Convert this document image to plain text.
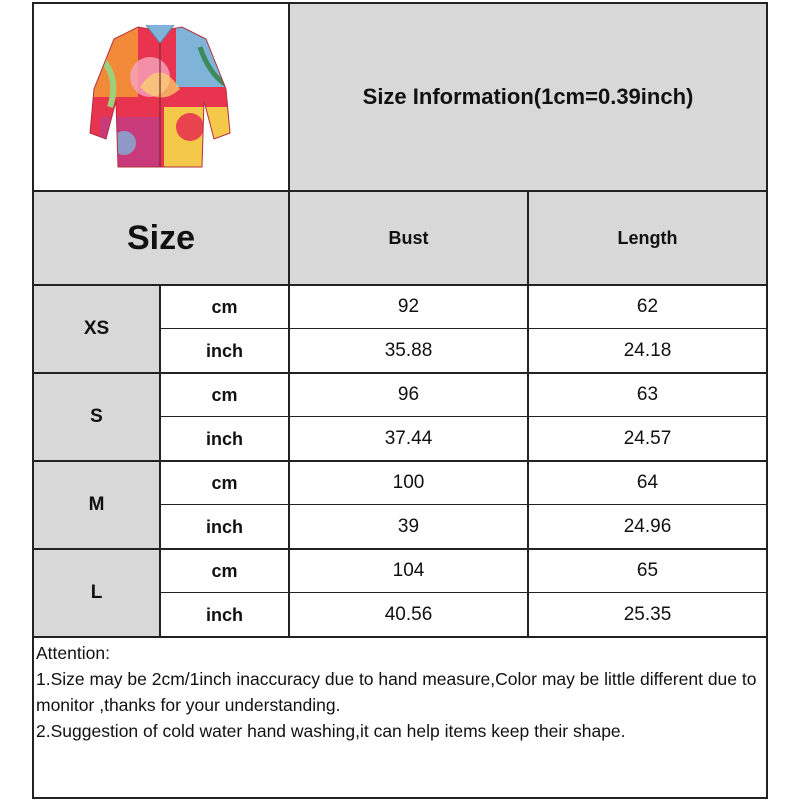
Size Information(1cm=0.39inch)
Size	Bust	Length
XS
cm	92	62
inch	35.88	24.18
S
cm	96	63
inch	37.44	24.57
M
cm	100	64
inch	39	24.96
L
cm	104	65
inch	40.56	25.35

Attention:

1.Size may be 2cm/1inch inaccuracy due to hand measure,Color may be little different due to monitor ,thanks for your understanding.

2.Suggestion of cold water hand washing,it can help items keep their shape.
